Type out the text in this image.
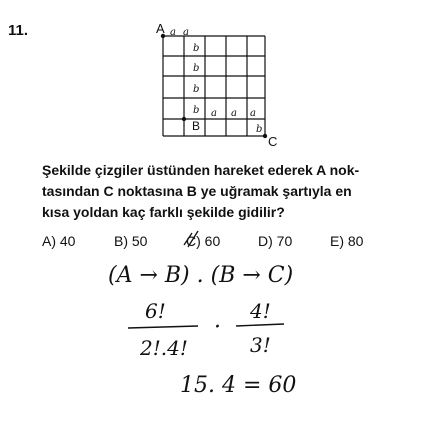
11.	A
B
C
a a
b
b
b
b a a a
b
(A → B) . (B → C)
6!
2!.4!
·
4!
3!
15. 4 = 60

Şekilde çizgiler üstünden hareket ederek A nok-

tasından C noktasına B ye uğramak şartıyla en

kısa yoldan kaç farklı şekilde gidilir?

A) 40	B) 50	C) 60	D) 70	E) 80
